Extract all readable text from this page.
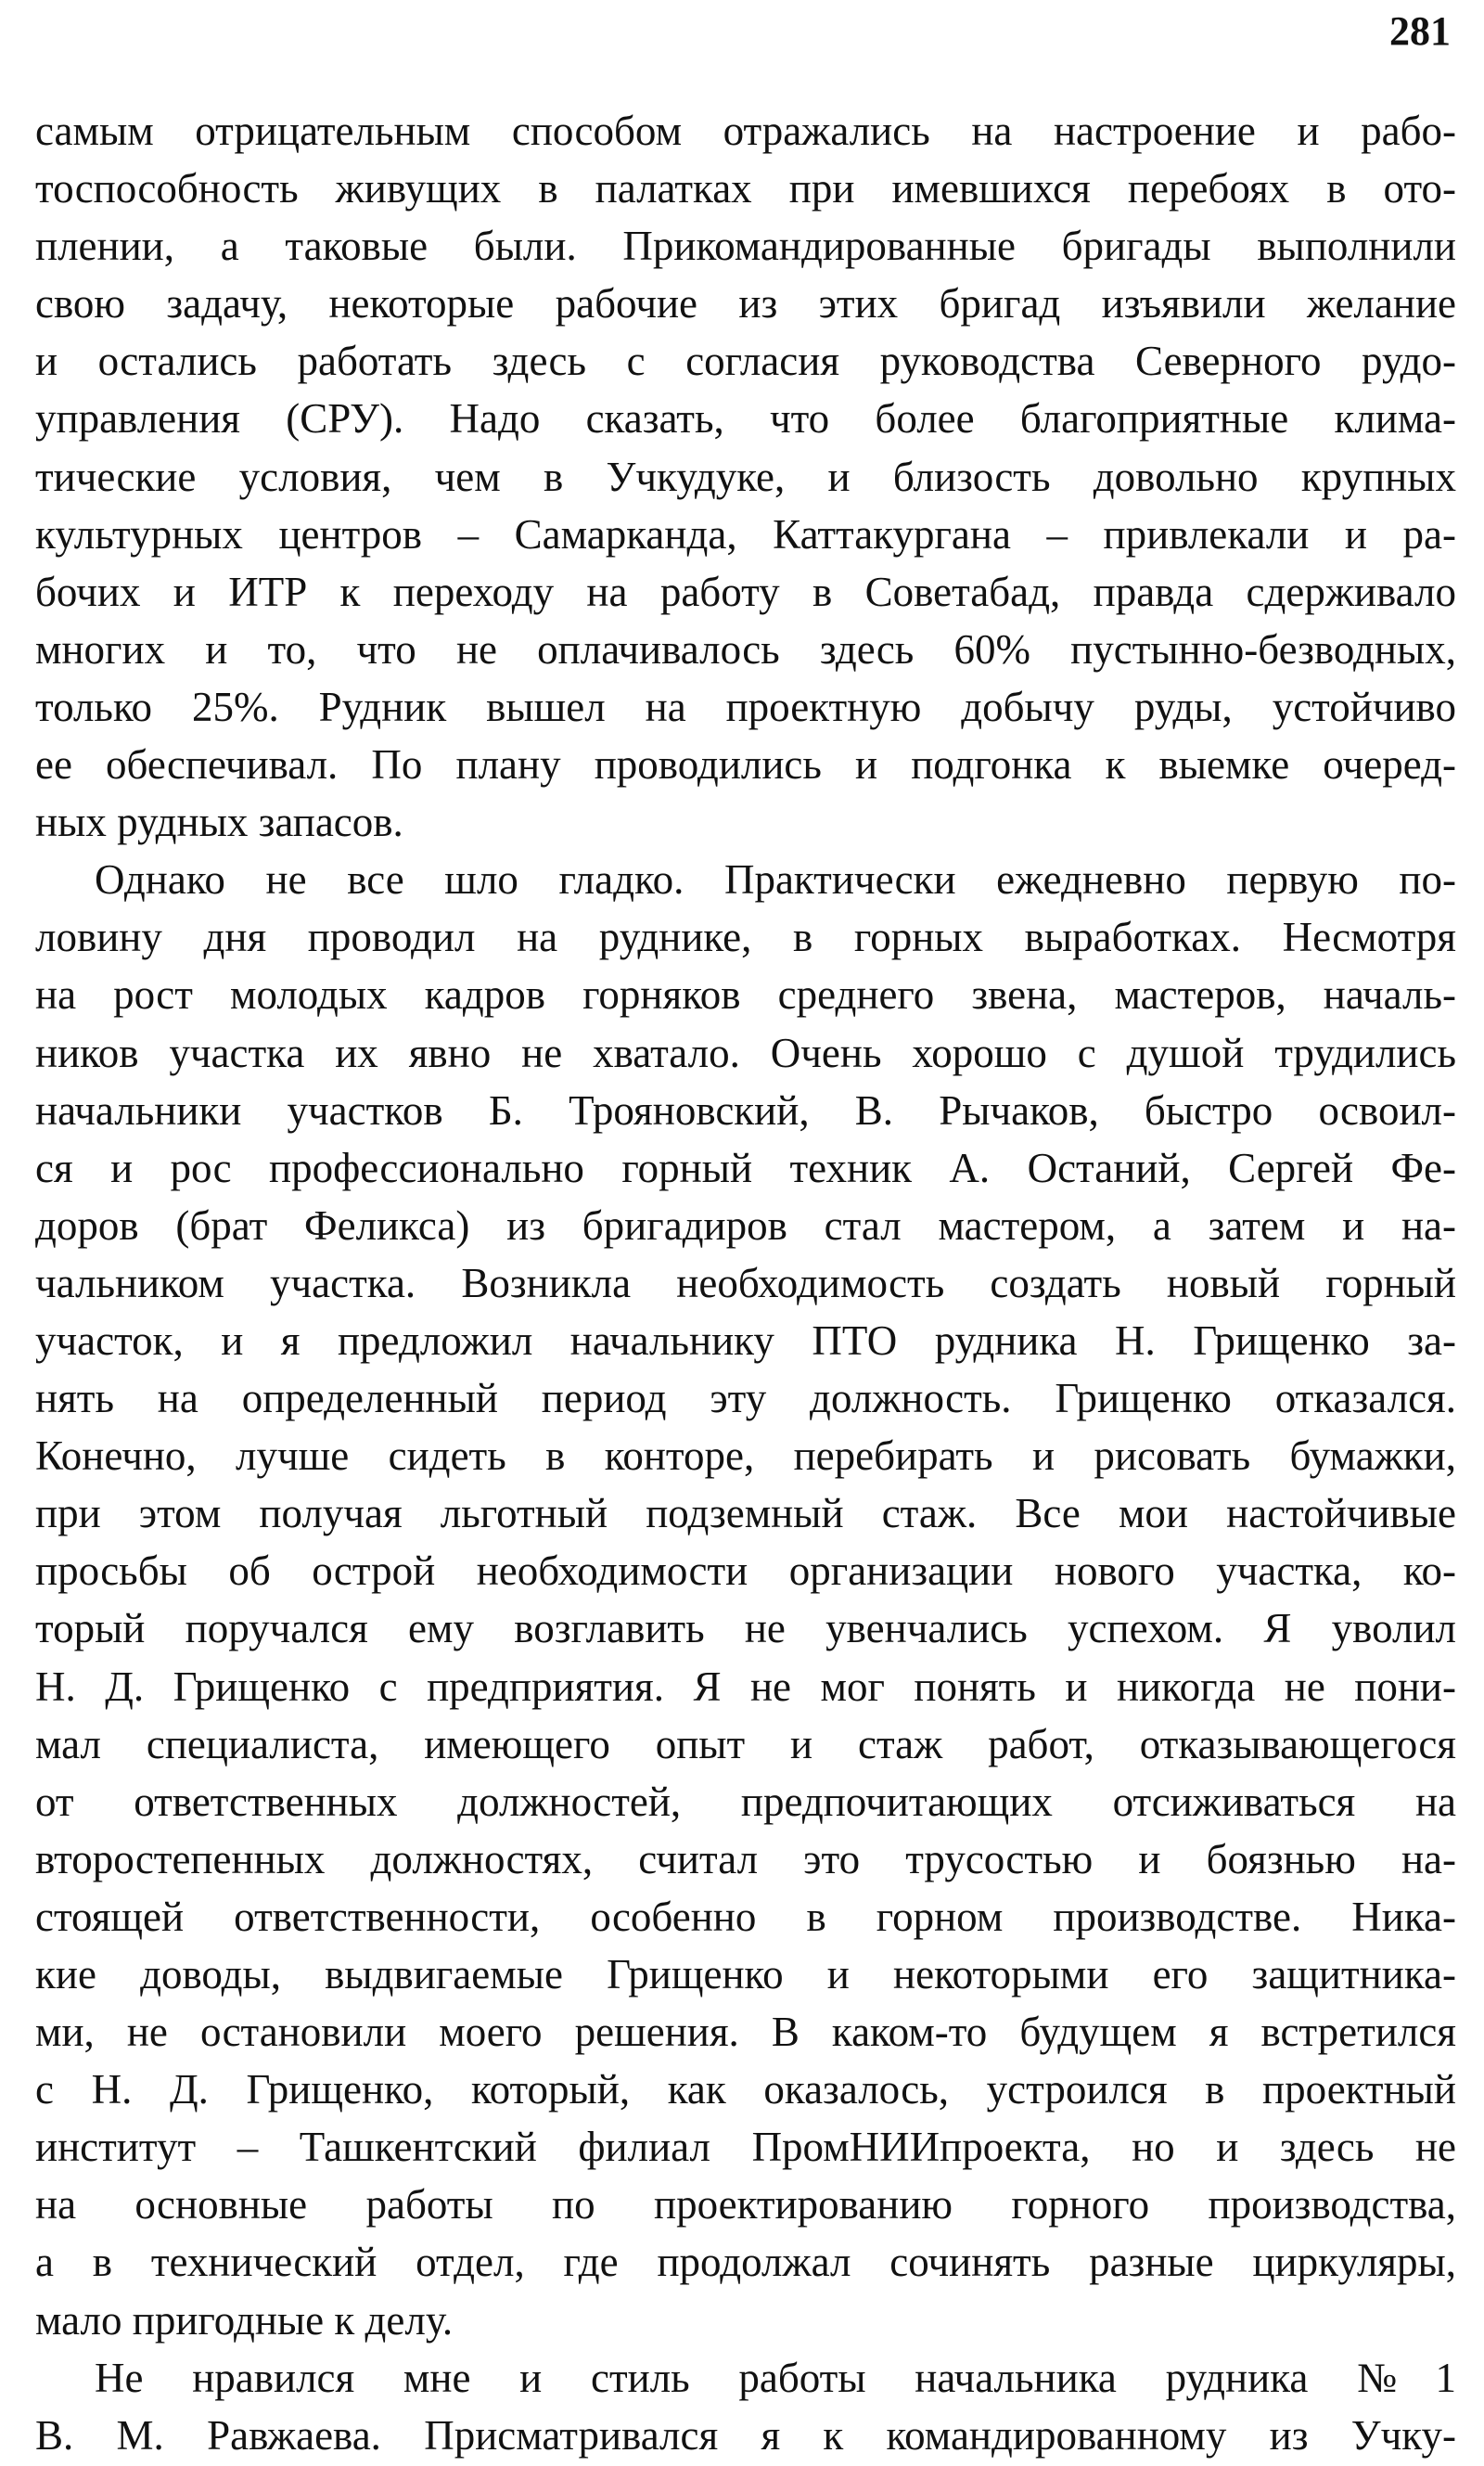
281
самым отрицательным способом отражались на настроение и рабо-
тоспособность живущих в палатках при имевшихся перебоях в ото-
плении, а таковые были. Прикомандированные бригады выполнили
свою задачу, некоторые рабочие из этих бригад изъявили желание
и остались работать здесь с согласия руководства Северного рудо-
управления (СРУ). Надо сказать, что более благоприятные клима-
тические условия, чем в Учкудуке, и близость довольно крупных
культурных центров – Самарканда, Каттакургана – привлекали и ра-
бочих и ИТР к переходу на работу в Советабад, правда сдерживало
многих и то, что не оплачивалось здесь 60% пустынно-безводных,
только 25%. Рудник вышел на проектную добычу руды, устойчиво
ее обеспечивал. По плану проводились и подгонка к выемке очеред-
ных рудных запасов.
Однако не все шло гладко. Практически ежедневно первую по-
ловину дня проводил на руднике, в горных выработках. Несмотря
на рост молодых кадров горняков среднего звена, мастеров, началь-
ников участка их явно не хватало. Очень хорошо с душой трудились
начальники участков Б. Трояновский, В. Рычаков, быстро освоил-
ся и рос профессионально горный техник А. Останий, Сергей Фе-
доров (брат Феликса) из бригадиров стал мастером, а затем и на-
чальником участка. Возникла необходимость создать новый горный
участок, и я предложил начальнику ПТО рудника Н. Грищенко за-
нять на определенный период эту должность. Грищенко отказался.
Конечно, лучше сидеть в конторе, перебирать и рисовать бумажки,
при этом получая льготный подземный стаж. Все мои настойчивые
просьбы об острой необходимости организации нового участка, ко-
торый поручался ему возглавить не увенчались успехом. Я уволил
Н. Д. Грищенко с предприятия. Я не мог понять и никогда не пони-
мал специалиста, имеющего опыт и стаж работ, отказывающегося
от ответственных должностей, предпочитающих отсиживаться на
второстепенных должностях, считал это трусостью и боязнью на-
стоящей ответственности, особенно в горном производстве. Ника-
кие доводы, выдвигаемые Грищенко и некоторыми его защитника-
ми, не остановили моего решения. В каком-то будущем я встретился
с Н. Д. Грищенко, который, как оказалось, устроился в проектный
институт – Ташкентский филиал ПромНИИпроекта, но и здесь не
на основные работы по проектированию горного производства,
а в технический отдел, где продолжал сочинять разные циркуляры,
мало пригодные к делу.
Не нравился мне и стиль работы начальника рудника №1
В. М. Равжаева. Присматривался я к командированному из Учку-
